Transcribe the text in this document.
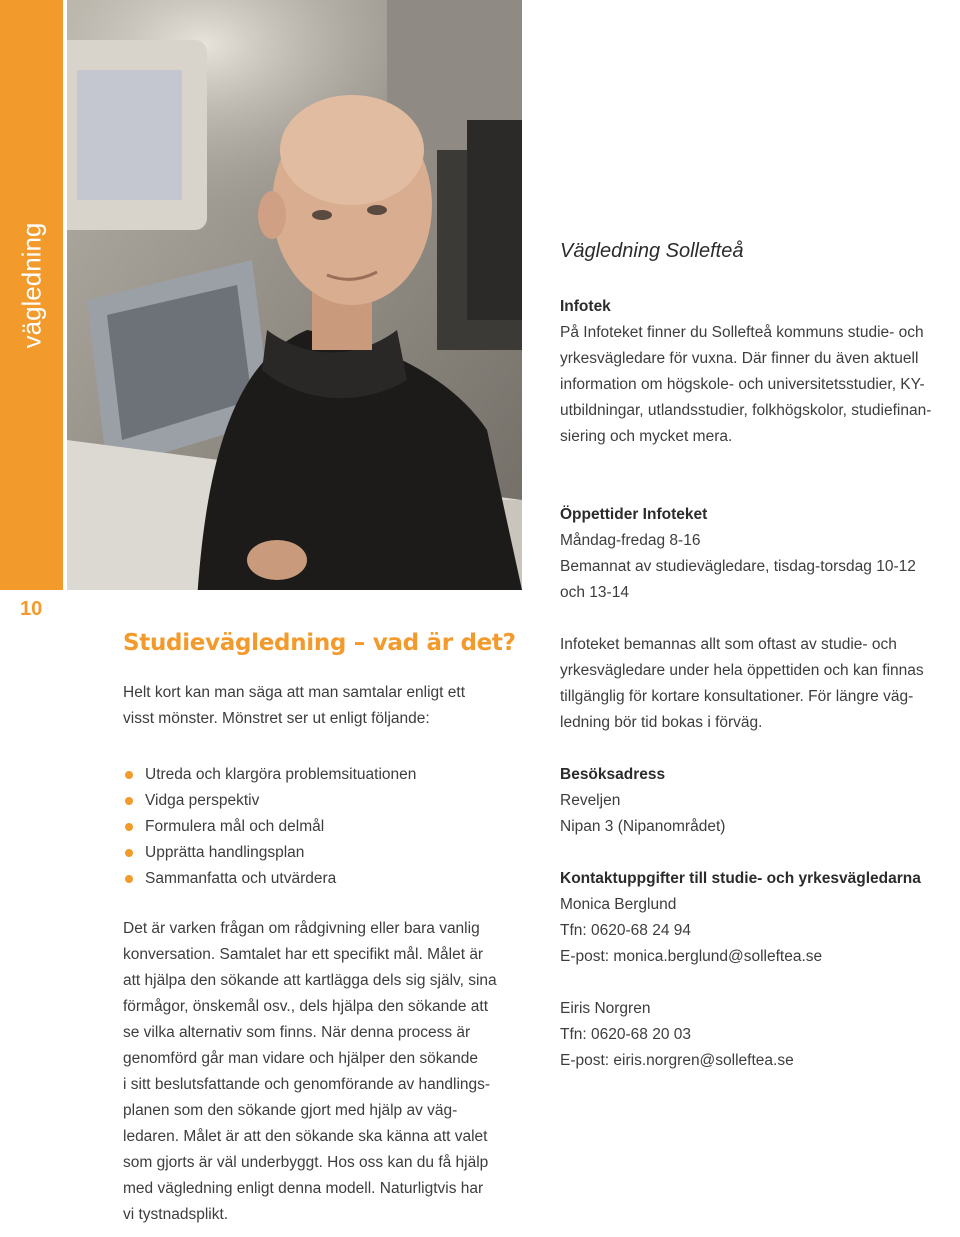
vägledning
10
Vägledning Sollefteå
Infotek
På Infoteket finner du Sollefteå kommuns studie- och
yrkesvägledare för vuxna. Där finner du även aktuell
information om högskole- och universitetsstudier, KY-
utbildningar, utlandsstudier, folkhögskolor, studiefinan-
siering och mycket mera.
Öppettider Infoteket
Måndag-fredag 8-16
Bemannat av studievägledare, tisdag-torsdag 10-12
och 13-14
Infoteket bemannas allt som oftast av studie- och
yrkesvägledare under hela öppettiden och kan finnas
tillgänglig för kortare konsultationer. För längre väg-
ledning bör tid bokas i förväg.
Besöksadress
Reveljen
Nipan 3 (Nipanområdet)
Kontaktuppgifter till studie- och yrkesvägledarna
Monica Berglund
Tfn: 0620-68 24 94
E-post: monica.berglund@solleftea.se
Eiris Norgren
Tfn: 0620-68 20 03
E-post: eiris.norgren@solleftea.se
Studievägledning – vad är det?

Helt kort kan man säga att man samtalar enligt ett
visst mönster. Mönstret ser ut enligt följande:

Utreda och klargöra problemsituationen
Vidga perspektiv
Formulera mål och delmål
Upprätta handlingsplan
Sammanfatta och utvärdera

Det är varken frågan om rådgivning eller bara vanlig
konversation. Samtalet har ett specifikt mål. Målet är
att hjälpa den sökande att kartlägga dels sig själv, sina
förmågor, önskemål osv., dels hjälpa den sökande att
se vilka alternativ som finns. När denna process är
genomförd går man vidare och hjälper den sökande
i sitt beslutsfattande och genomförande av handlings-
planen som den sökande gjort med hjälp av väg-
ledaren. Målet är att den sökande ska känna att valet
som gjorts är väl underbyggt. Hos oss kan du få hjälp
med vägledning enligt denna modell. Naturligtvis har
vi tystnadsplikt.
